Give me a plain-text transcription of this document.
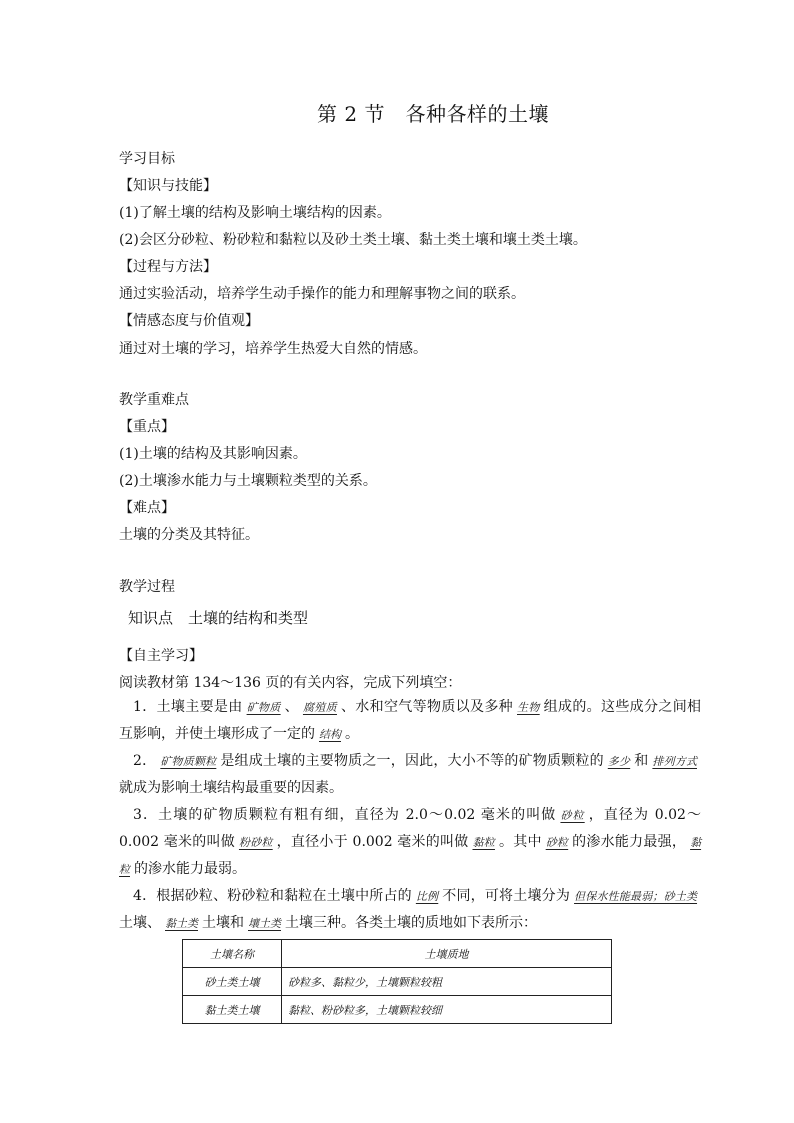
第 2 节　各种各样的土壤
学习目标
【知识与技能】
(1)了解土壤的结构及影响土壤结构的因素。
(2)会区分砂粒、粉砂粒和黏粒以及砂土类土壤、黏土类土壤和壤土类土壤。
【过程与方法】
通过实验活动，培养学生动手操作的能力和理解事物之间的联系。
【情感态度与价值观】
通过对土壤的学习，培养学生热爱大自然的情感。
教学重难点
【重点】
(1)土壤的结构及其影响因素。
(2)土壤渗水能力与土壤颗粒类型的关系。
【难点】
土壤的分类及其特征。
教学过程
知识点　土壤的结构和类型
【自主学习】
阅读教材第 134～136 页的有关内容，完成下列填空：
1．土壤主要是由 矿物质 、 腐殖质 、水和空气等物质以及多种 生物 组成的。这些成分之间相互影响，并使土壤形成了一定的 结构 。
2． 矿物质颗粒 是组成土壤的主要物质之一，因此，大小不等的矿物质颗粒的 多少 和 排列方式就成为影响土壤结构最重要的因素。
3．土壤的矿物质颗粒有粗有细，直径为 2.0～0.02 毫米的叫做 砂粒 ，直径为 0.02～0.002 毫米的叫做 粉砂粒 ，直径小于 0.002 毫米的叫做 黏粒 。其中 砂粒 的渗水能力最强， 黏粒 的渗水能力最弱。
4．根据砂粒、粉砂粒和黏粒在土壤中所占的 比例 不同，可将土壤分为 但保水性能最弱；砂土类土壤、 黏土类 土壤和 壤土类 土壤三种。各类土壤的质地如下表所示：
土壤名称	土壤质地
砂土类土壤	砂粒多、黏粒少，土壤颗粒较粗
黏土类土壤	黏粒、粉砂粒多，土壤颗粒较细
